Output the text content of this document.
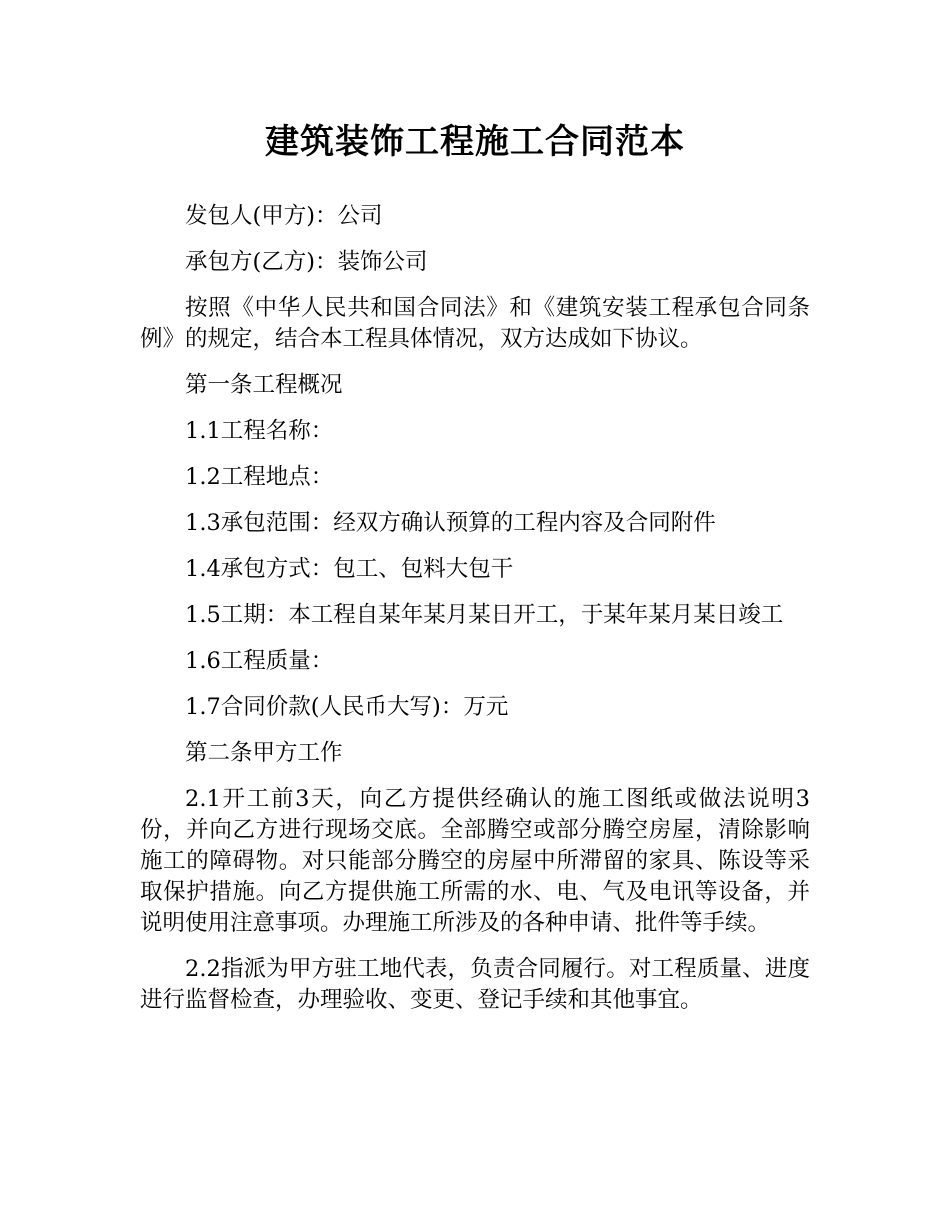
建筑装饰工程施工合同范本

发包人(甲方)：公司

承包方(乙方)：装饰公司

按照《中华人民共和国合同法》和《建筑安装工程承包合同条例》的规定，结合本工程具体情况，双方达成如下协议。

第一条工程概况

1.1工程名称：

1.2工程地点：

1.3承包范围：经双方确认预算的工程内容及合同附件

1.4承包方式：包工、包料大包干

1.5工期：本工程自某年某月某日开工，于某年某月某日竣工

1.6工程质量：

1.7合同价款(人民币大写)：万元

第二条甲方工作

2.1开工前3天，向乙方提供经确认的施工图纸或做法说明3份，并向乙方进行现场交底。全部腾空或部分腾空房屋，清除影响施工的障碍物。对只能部分腾空的房屋中所滞留的家具、陈设等采取保护措施。向乙方提供施工所需的水、电、气及电讯等设备，并说明使用注意事项。办理施工所涉及的各种申请、批件等手续。

2.2指派为甲方驻工地代表，负责合同履行。对工程质量、进度进行监督检查，办理验收、变更、登记手续和其他事宜。
